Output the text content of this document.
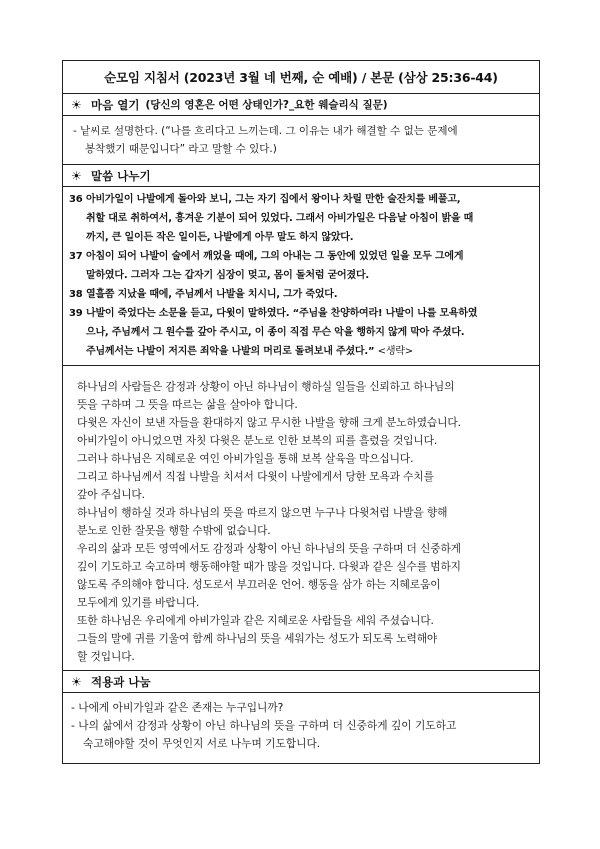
순모임 지침서 (2023년 3월 네 번째, 순 예배) / 본문 (삼상 25:36-44)
☀ 마음 열기 (당신의 영혼은 어떤 상태인가?_요한 웨슬리식 질문)
- 낱씨로 설명한다. (“나를 흐리다고 느끼는데. 그 이유는 내가 해결할 수 없는 문제에
봉착했기 때문입니다” 라고 말할 수 있다.)
☀ 말씀 나누기
36 아비가일이 나발에게 돌아와 보니, 그는 자기 집에서 왕이나 차릴 만한 술잔치를 베풀고,
취할 대로 취하여서, 흥겨운 기분이 되어 있었다. 그래서 아비가일은 다음날 아침이 밝을 때
까지, 큰 일이든 작은 일이든, 나발에게 아무 말도 하지 않았다.
37 아침이 되어 나발이 술에서 깨었을 때에, 그의 아내는 그 동안에 있었던 일을 모두 그에게
말하였다. 그러자 그는 갑자기 심장이 멎고, 몸이 돌처럼 굳어졌다.
38 열흘쯤 지났을 때에, 주님께서 나발을 치시니, 그가 죽었다.
39 나발이 죽었다는 소문을 듣고, 다윗이 말하였다. “주님을 찬양하여라! 나발이 나를 모욕하였
으나, 주님께서 그 원수를 갚아 주시고, 이 종이 직접 무슨 악을 행하지 않게 막아 주셨다.
주님께서는 나발이 저지른 죄악을 나발의 머리로 돌려보내 주셨다.” <생략>

하나님의 사람들은 감정과 상황이 아닌 하나님이 행하실 일들을 신뢰하고 하나님의

뜻을 구하며 그 뜻을 따르는 삶을 살아야 합니다.

다윗은 자신이 보낸 자들을 환대하지 않고 무시한 나발을 향해 크게 분노하였습니다.

아비가일이 아니었으면 자칫 다윗은 분노로 인한 보복의 피를 흘렸을 것입니다.

그러나 하나님은 지혜로운 여인 아비가일을 통해 보복 살육을 막으십니다.

그리고 하나님께서 직접 나발을 치셔서 다윗이 나발에게서 당한 모욕과 수치를

갚아 주십니다.

하나님이 행하실 것과 하나님의 뜻을 따르지 않으면 누구나 다윗처럼 나발을 향해

분노로 인한 잘못을 행할 수밖에 없습니다.

우리의 삶과 모든 영역에서도 감정과 상황이 아닌 하나님의 뜻을 구하며 더 신중하게

깊이 기도하고 숙고하며 행동해야할 때가 많을 것입니다. 다윗과 같은 실수를 범하지

않도록 주의해야 합니다. 성도로서 부끄러운 언어. 행동을 삼가 하는 지혜로움이

모두에게 있기를 바랍니다.

또한 하나님은 우리에게 아비가일과 같은 지혜로운 사람들을 세워 주셨습니다.

그들의 말에 귀를 기울여 함께 하나님의 뜻을 세워가는 성도가 되도록 노력해야

할 것입니다.

☀ 적용과 나눔
- 나에게 아비가일과 같은 존재는 누구입니까?
- 나의 삶에서 감정과 상황이 아닌 하나님의 뜻을 구하며 더 신중하게 깊이 기도하고
숙고해야할 것이 무엇인지 서로 나누며 기도합니다.
